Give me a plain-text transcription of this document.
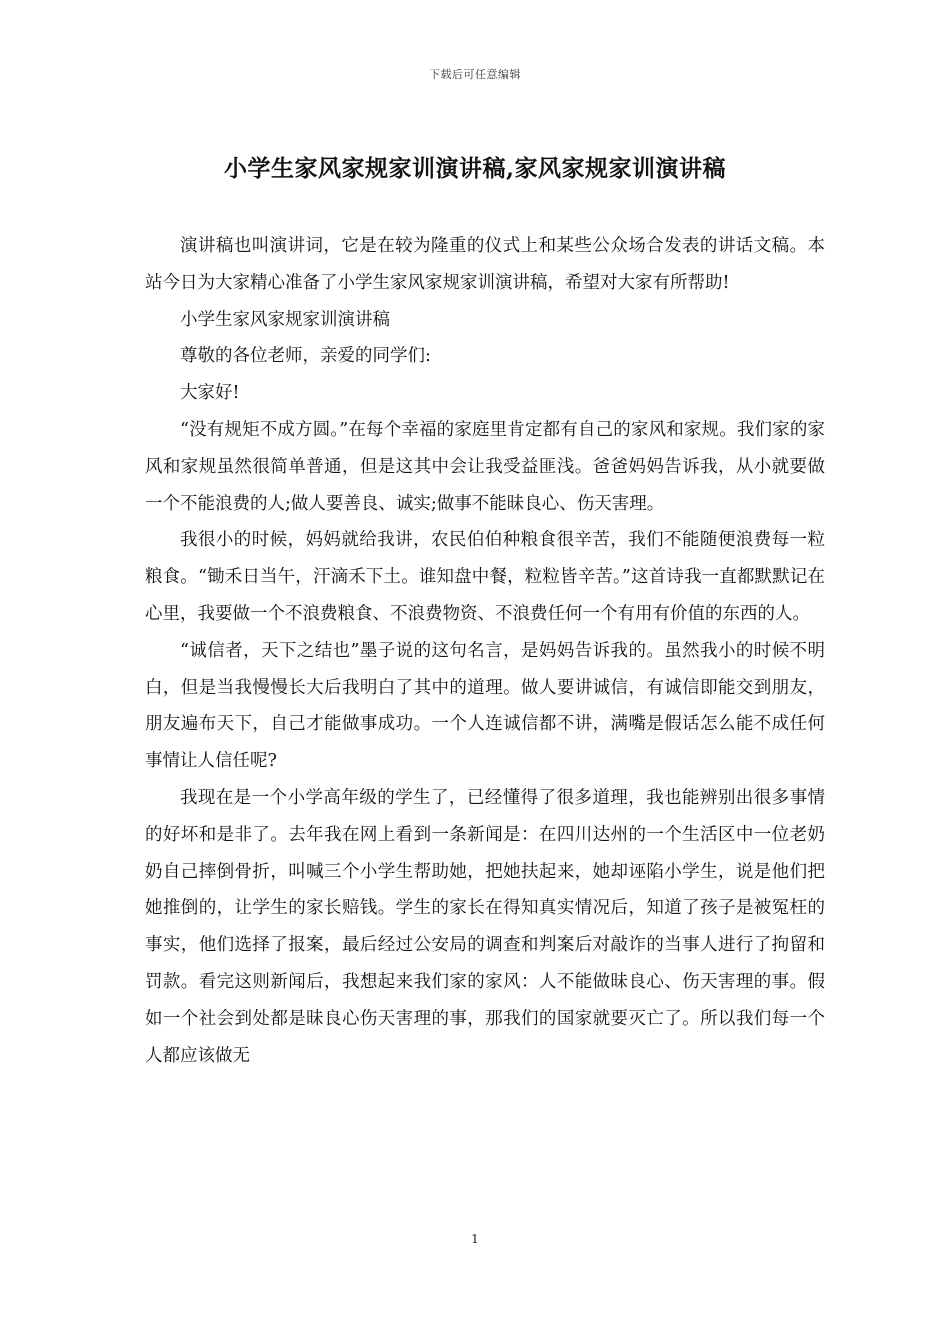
下载后可任意编辑
小学生家风家规家训演讲稿,家风家规家训演讲稿

演讲稿也叫演讲词，它是在较为隆重的仪式上和某些公众场合发表的讲话文稿。本站今日为大家精心准备了小学生家风家规家训演讲稿，希望对大家有所帮助!

小学生家风家规家训演讲稿

尊敬的各位老师，亲爱的同学们:

大家好!

“没有规矩不成方圆。”在每个幸福的家庭里肯定都有自己的家风和家规。我们家的家风和家规虽然很简单普通，但是这其中会让我受益匪浅。爸爸妈妈告诉我，从小就要做一个不能浪费的人;做人要善良、诚实;做事不能昧良心、伤天害理。

我很小的时候，妈妈就给我讲，农民伯伯种粮食很辛苦，我们不能随便浪费每一粒粮食。“锄禾日当午，汗滴禾下土。谁知盘中餐，粒粒皆辛苦。”这首诗我一直都默默记在心里，我要做一个不浪费粮食、不浪费物资、不浪费任何一个有用有价值的东西的人。

“诚信者，天下之结也”墨子说的这句名言，是妈妈告诉我的。虽然我小的时候不明白，但是当我慢慢长大后我明白了其中的道理。做人要讲诚信，有诚信即能交到朋友，朋友遍布天下，自己才能做事成功。一个人连诚信都不讲，满嘴是假话怎么能不成任何事情让人信任呢?

我现在是一个小学高年级的学生了，已经懂得了很多道理，我也能辨别出很多事情的好坏和是非了。去年我在网上看到一条新闻是：在四川达州的一个生活区中一位老奶奶自己摔倒骨折，叫喊三个小学生帮助她，把她扶起来，她却诬陷小学生，说是他们把她推倒的，让学生的家长赔钱。学生的家长在得知真实情况后，知道了孩子是被冤枉的事实，他们选择了报案，最后经过公安局的调查和判案后对敲诈的当事人进行了拘留和罚款。看完这则新闻后，我想起来我们家的家风：人不能做昧良心、伤天害理的事。假如一个社会到处都是昧良心伤天害理的事，那我们的国家就要灭亡了。所以我们每一个人都应该做无

1
